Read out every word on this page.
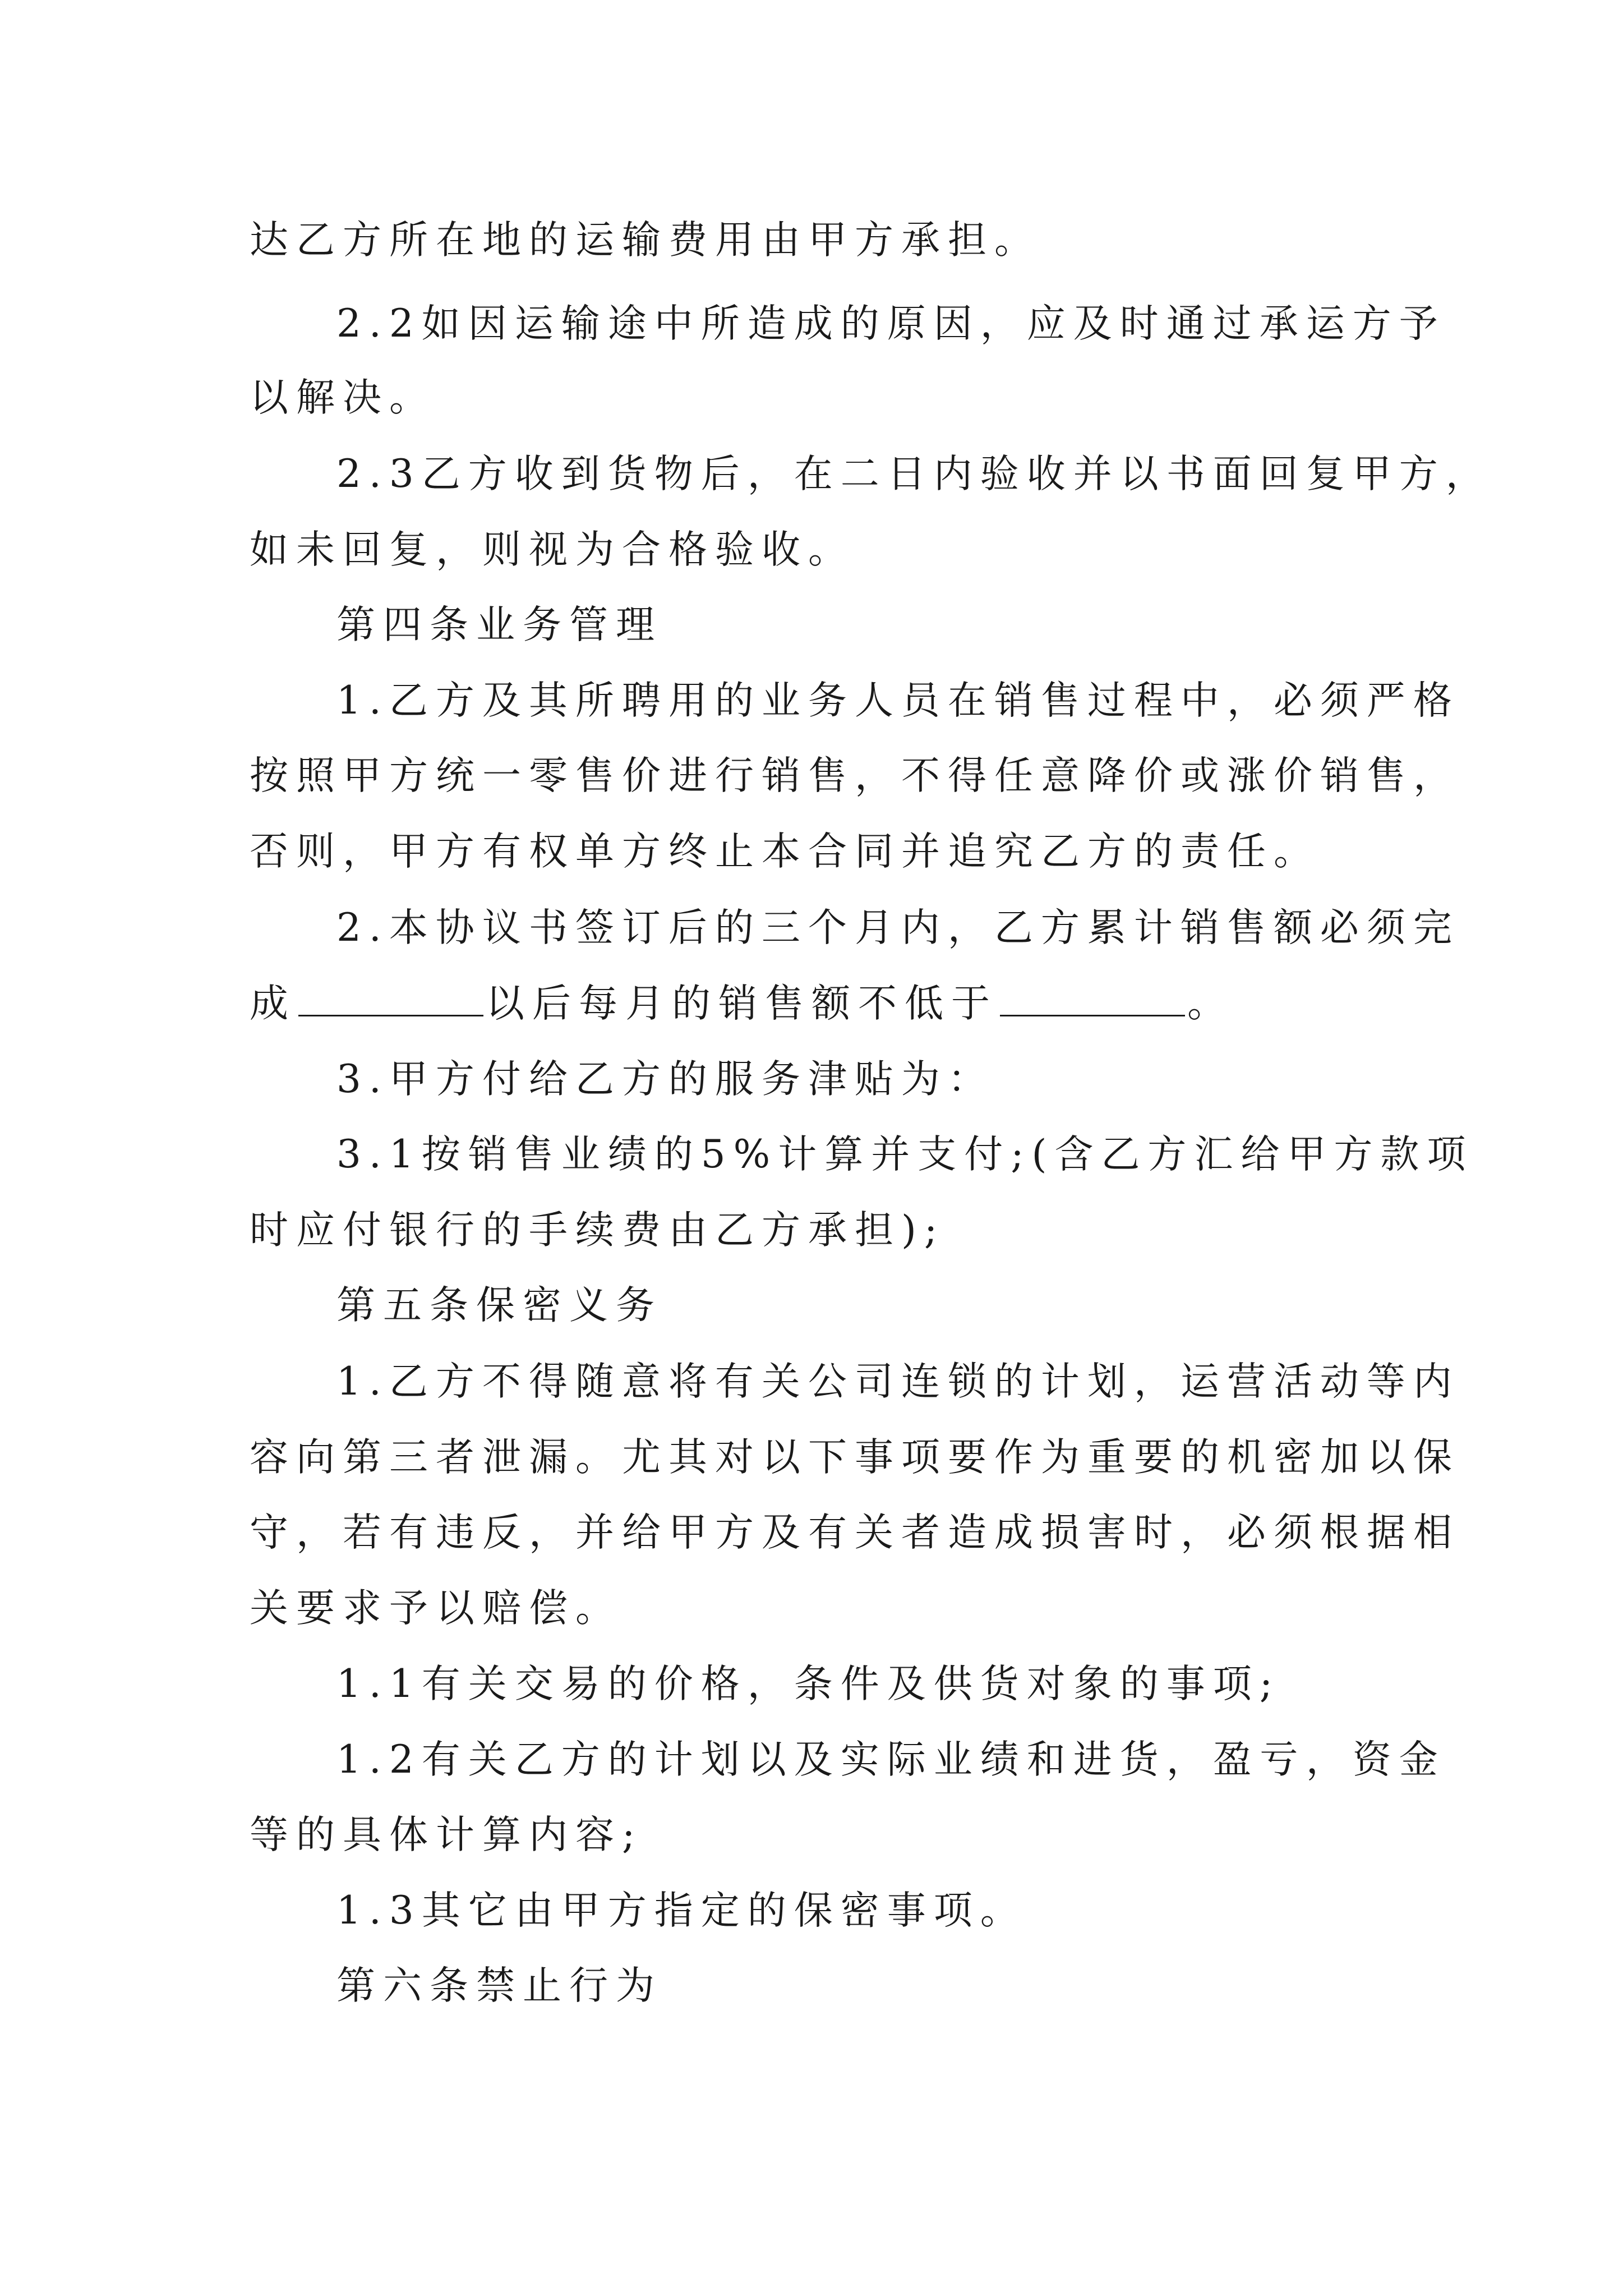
达乙方所在地的运输费用由甲方承担。
2.2如因运输途中所造成的原因，应及时通过承运方予
以解决。
2.3乙方收到货物后，在二日内验收并以书面回复甲方，
如未回复，则视为合格验收。
第四条业务管理
1.乙方及其所聘用的业务人员在销售过程中，必须严格
按照甲方统一零售价进行销售，不得任意降价或涨价销售，
否则，甲方有权单方终止本合同并追究乙方的责任。
2.本协议书签订后的三个月内，乙方累计销售额必须完
成	以后每月的销售额不低于	。
3.甲方付给乙方的服务津贴为：
3.1按销售业绩的5%计算并支付;(含乙方汇给甲方款项
时应付银行的手续费由乙方承担);
第五条保密义务
1.乙方不得随意将有关公司连锁的计划，运营活动等内
容向第三者泄漏。尤其对以下事项要作为重要的机密加以保
守，若有违反，并给甲方及有关者造成损害时，必须根据相
关要求予以赔偿。
1.1有关交易的价格，条件及供货对象的事项;
1.2有关乙方的计划以及实际业绩和进货，盈亏，资金
等的具体计算内容;
1.3其它由甲方指定的保密事项。
第六条禁止行为
